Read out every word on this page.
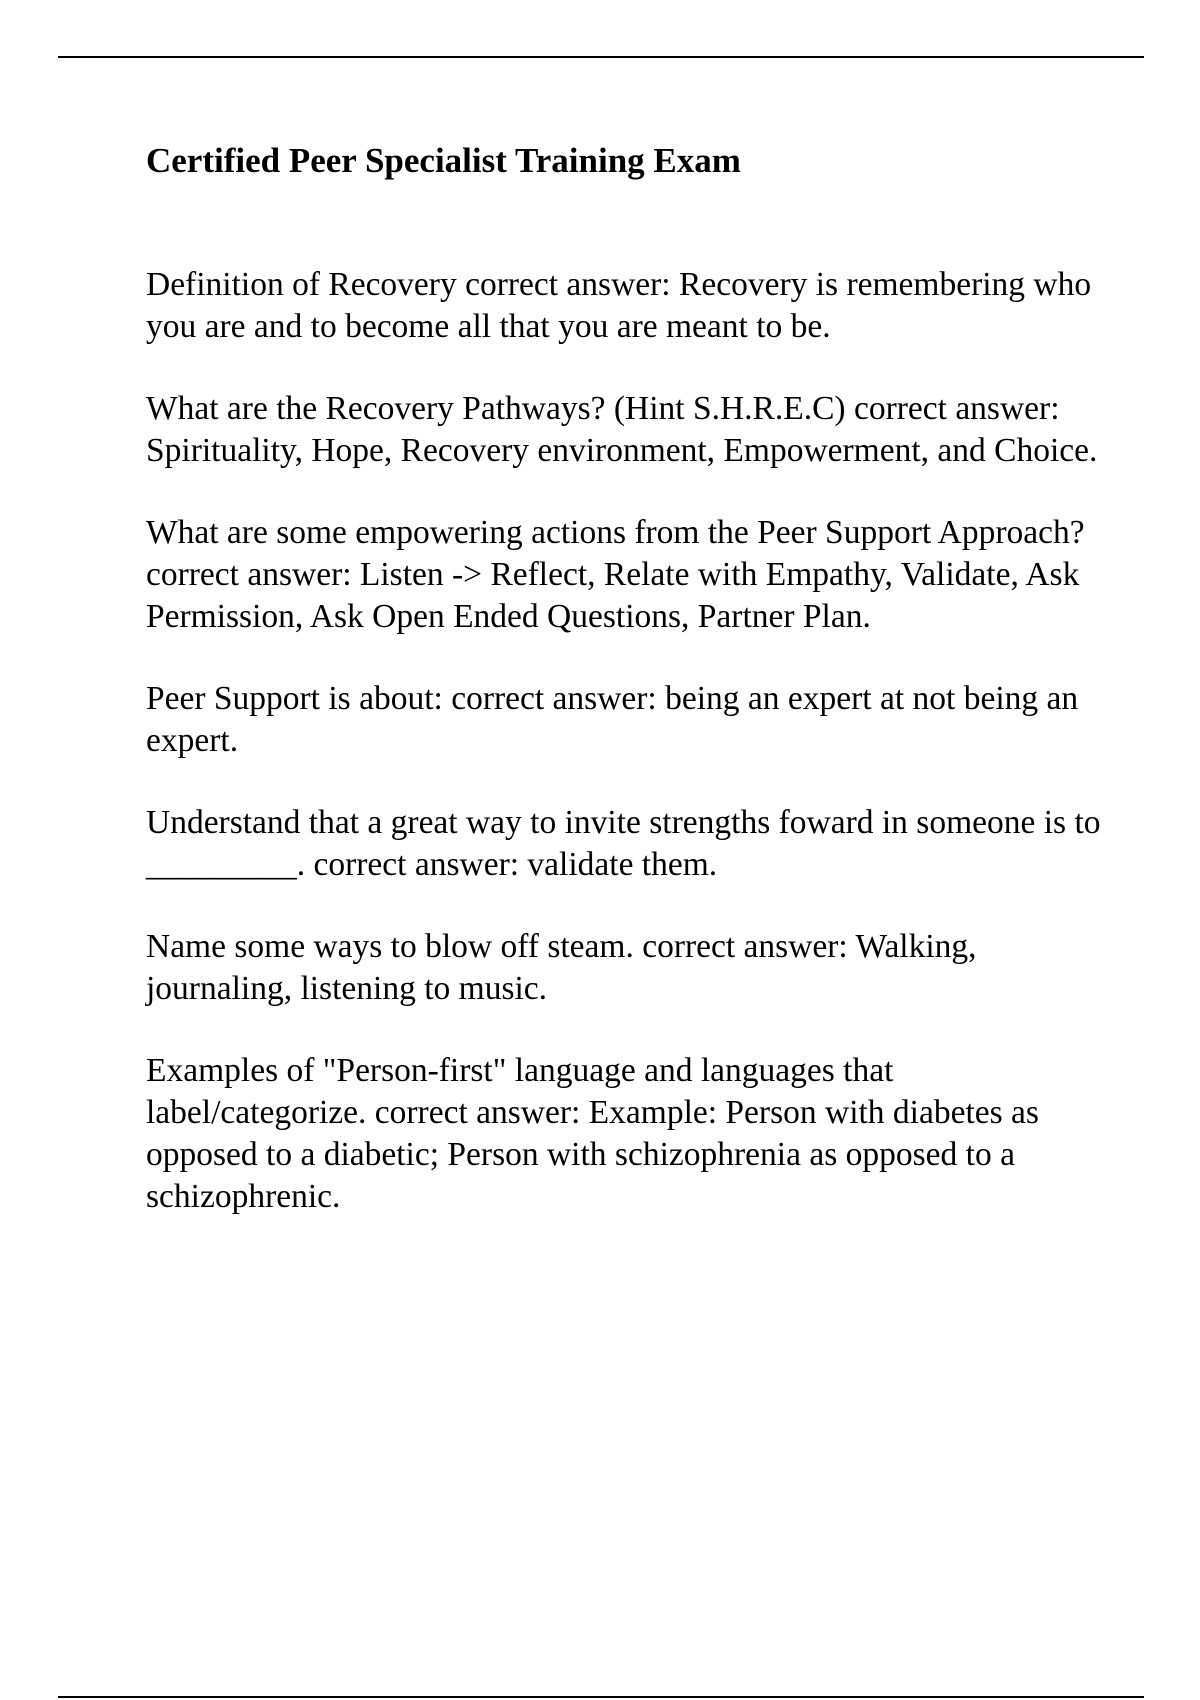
Certified Peer Specialist Training Exam

Definition of Recovery correct answer: Recovery is remembering who you are and to become all that you are meant to be.

What are the Recovery Pathways? (Hint S.H.R.E.C) correct answer: Spirituality, Hope, Recovery environment, Empowerment, and Choice.

What are some empowering actions from the Peer Support Approach? correct answer: Listen -> Reflect, Relate with Empathy, Validate, Ask Permission, Ask Open Ended Questions, Partner Plan.

Peer Support is about: correct answer: being an expert at not being an expert.

Understand that a great way to invite strengths foward in someone is to _________. correct answer: validate them.

Name some ways to blow off steam. correct answer: Walking, journaling, listening to music.

Examples of "Person-first" language and languages that label/categorize. correct answer: Example: Person with diabetes as opposed to a diabetic; Person with schizophrenia as opposed to a schizophrenic.
